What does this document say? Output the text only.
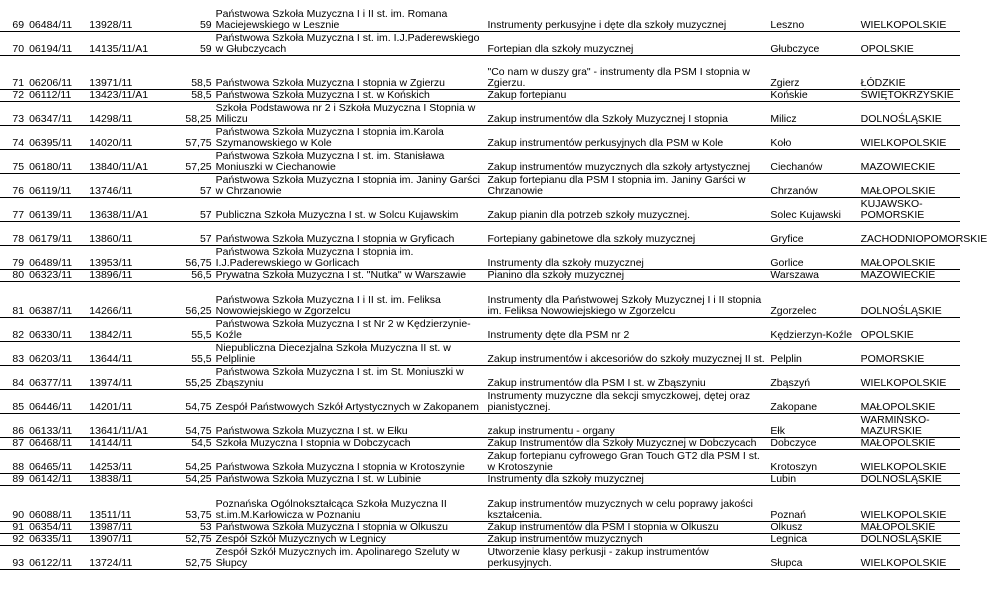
69	06484/11	13928/11	59	Państwowa Szkoła Muzyczna I i II st. im. Romana Maciejewskiego w Lesznie	Instrumenty perkusyjne i dęte dla szkoły muzycznej	Leszno	WIELKOPOLSKIE
70	06194/11	14135/11/A1	59	Państwowa Szkoła Muzyczna I st. im. I.J.Paderewskiego w Głubczycach	Fortepian dla szkoły muzycznej	Głubczyce	OPOLSKIE

71	06206/11	13971/11	58,5	Państwowa Szkoła Muzyczna I stopnia w Zgierzu	"Co nam w duszy gra" - instrumenty dla PSM I stopnia w Zgierzu.	Zgierz	ŁÓDZKIE
72	06112/11	13423/11/A1	58,5	Państwowa Szkoła Muzyczna I st. w Końskich	Zakup fortepianu	Końskie	ŚWIĘTOKRZYSKIE
73	06347/11	14298/11	58,25	Szkoła Podstawowa nr 2 i Szkoła Muzyczna I Stopnia w Miliczu	Zakup instrumentów dla Szkoły Muzycznej I stopnia	Milicz	DOLNOŚLĄSKIE
74	06395/11	14020/11	57,75	Państwowa Szkoła Muzyczna I stopnia im.Karola Szymanowskiego w Kole	Zakup instrumentów perkusyjnych dla PSM w Kole	Koło	WIELKOPOLSKIE
75	06180/11	13840/11/A1	57,25	Państwowa Szkoła Muzyczna I st. im. Stanisława Moniuszki w Ciechanowie	Zakup instrumentów muzycznych dla szkoły artystycznej	Ciechanów	MAZOWIECKIE
76	06119/11	13746/11	57	Państwowa Szkoła Muzyczna I stopnia im. Janiny Garści w Chrzanowie	Zakup fortepianu dla PSM I stopnia im. Janiny Garści w Chrzanowie	Chrzanów	MAŁOPOLSKIE
77	06139/11	13638/11/A1	57	Publiczna Szkoła Muzyczna I st. w Solcu Kujawskim	Zakup pianin dla potrzeb szkoły muzycznej.	Solec Kujawski	KUJAWSKO-POMORSKIE
78	06179/11	13860/11	57	Państwowa Szkoła Muzyczna I stopnia w Gryficach	Fortepiany gabinetowe dla szkoły muzycznej	Gryfice	ZACHODNIOPOMORSKIE
79	06489/11	13953/11	56,75	Państwowa Szkoła Muzyczna I stopnia im. I.J.Paderewskiego w Gorlicach	Instrumenty dla szkoły muzycznej	Gorlice	MAŁOPOLSKIE
80	06323/11	13896/11	56,5	Prywatna Szkoła Muzyczna I st. "Nutka" w Warszawie	Pianino dla szkoły muzycznej	Warszawa	MAZOWIECKIE
81	06387/11	14266/11	56,25	Państwowa Szkoła Muzyczna I i II st. im. Feliksa Nowowiejskiego w Zgorzelcu	Instrumenty dla Państwowej Szkoły Muzycznej I i II stopnia im. Feliksa Nowowiejskiego w Zgorzelcu	Zgorzelec	DOLNOŚLĄSKIE
82	06330/11	13842/11	55,5	Państwowa Szkoła Muzyczna I st Nr 2 w Kędzierzynie-Koźle	Instrumenty dęte dla PSM nr 2	Kędzierzyn-Koźle	OPOLSKIE
83	06203/11	13644/11	55,5	Niepubliczna Diecezjalna Szkoła Muzyczna II st. w Pelplinie	Zakup instrumentów i akcesoriów do szkoły muzycznej II st.	Pelplin	POMORSKIE
84	06377/11	13974/11	55,25	Państwowa Szkoła Muzyczna I st. im St. Moniuszki w Zbąszyniu	Zakup instrumentów dla PSM I st. w Zbąszyniu	Zbąszyń	WIELKOPOLSKIE
85	06446/11	14201/11	54,75	Zespół Państwowych Szkół Artystycznych w Zakopanem	Instrumenty muzyczne dla sekcji smyczkowej, dętej oraz pianistycznej.	Zakopane	MAŁOPOLSKIE
86	06133/11	13641/11/A1	54,75	Państwowa Szkoła Muzyczna I st. w Ełku	zakup instrumentu - organy	Ełk	WARMIŃSKO-MAZURSKIE
87	06468/11	14144/11	54,5	Szkoła Muzyczna I stopnia w Dobczycach	Zakup Instrumentów dla Szkoły Muzycznej w Dobczycach	Dobczyce	MAŁOPOLSKIE
88	06465/11	14253/11	54,25	Państwowa Szkoła Muzyczna I stopnia w Krotoszynie	Zakup fortepianu cyfrowego Gran Touch GT2 dla PSM I st. w Krotoszynie	Krotoszyn	WIELKOPOLSKIE
89	06142/11	13838/11	54,25	Państwowa Szkoła Muzyczna I st. w Lubinie	Instrumenty dla szkoły muzycznej	Lubin	DOLNOŚLĄSKIE
90	06088/11	13511/11	53,75	Poznańska Ogólnokształcąca Szkoła Muzyczna II st.im.M.Karłowicza w Poznaniu	Zakup instrumentów muzycznych w celu poprawy jakości kształcenia.	Poznań	WIELKOPOLSKIE
91	06354/11	13987/11	53	Państwowa Szkoła Muzyczna I stopnia w Olkuszu	Zakup instrumentów dla PSM I stopnia w Olkuszu	Olkusz	MAŁOPOLSKIE
92	06335/11	13907/11	52,75	Zespół Szkół Muzycznych w Legnicy	Zakup instrumentów muzycznych	Legnica	DOLNOŚLĄSKIE
93	06122/11	13724/11	52,75	Zespół Szkół Muzycznych im. Apolinarego Szeluty w Słupcy	Utworzenie klasy perkusji - zakup instrumentów perkusyjnych.	Słupca	WIELKOPOLSKIE
